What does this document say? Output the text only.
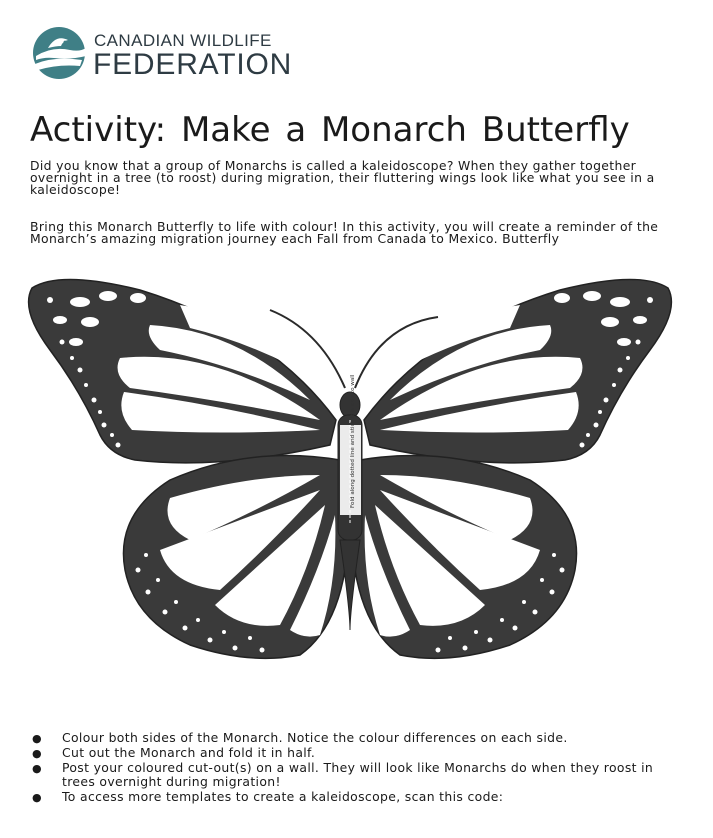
CANADIAN WILDLIFE
FEDERATION
Activity: Make a Monarch Butterfly

Did you know that a group of Monarchs is called a kaleidoscope? When they gather together overnight in a tree (to roost) during migration, their fluttering wings look like what you see in a kaleidoscope!

Bring this Monarch Butterfly to life with colour! In this activity, you will create a reminder of the Monarch’s amazing migration journey each Fall from Canada to Mexico. Butterfly

Fold along dotted line and stick this side to wall
● Colour both sides of the Monarch. Notice the colour differences on each side.
● Cut out the Monarch and fold it in half.
● Post your coloured cut-out(s) on a wall. They will look like Monarchs do when they roost in trees overnight during migration!
● To access more templates to create a kaleidoscope, scan this code:
